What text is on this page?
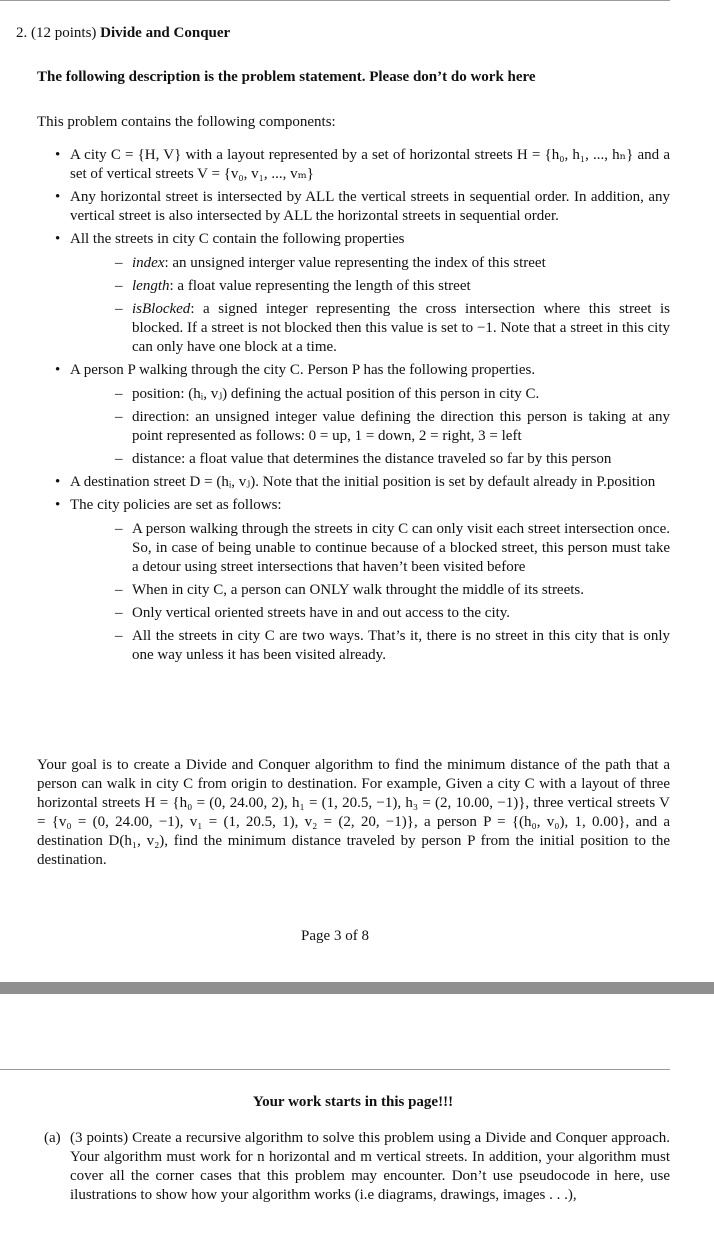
2. (12 points) Divide and Conquer
The following description is the problem statement. Please don’t do work here
This problem contains the following components:
• A city C = {H, V} with a layout represented by a set of horizontal streets H = {h₀, h₁, ..., hₙ} and a set of vertical streets V = {v₀, v₁, ..., vₘ}
• Any horizontal street is intersected by ALL the vertical streets in sequential order. In addition, any vertical street is also intersected by ALL the horizontal streets in sequential order.
• All the streets in city C contain the following properties
– index: an unsigned interger value representing the index of this street
– length: a float value representing the length of this street
– isBlocked: a signed integer representing the cross intersection where this street is blocked. If a street is not blocked then this value is set to −1. Note that a street in this city can only have one block at a time.
• A person P walking through the city C. Person P has the following properties.
– position: (hᵢ, vⱼ) defining the actual position of this person in city C.
– direction: an unsigned integer value defining the direction this person is taking at any point represented as follows: 0 = up, 1 = down, 2 = right, 3 = left
– distance: a float value that determines the distance traveled so far by this person
• A destination street D = (hᵢ, vⱼ). Note that the initial position is set by default already in P.position
• The city policies are set as follows:
– A person walking through the streets in city C can only visit each street intersection once. So, in case of being unable to continue because of a blocked street, this person must take a detour using street intersections that haven’t been visited before
– When in city C, a person can ONLY walk throught the middle of its streets.
– Only vertical oriented streets have in and out access to the city.
– All the streets in city C are two ways. That’s it, there is no street in this city that is only one way unless it has been visited already.
Your goal is to create a Divide and Conquer algorithm to find the minimum distance of the path that a person can walk in city C from origin to destination. For example, Given a city C with a layout of three horizontal streets H = {h₀ = (0, 24.00, 2), h₁ = (1, 20.5, −1), h₃ = (2, 10.00, −1)}, three vertical streets V = {v₀ = (0, 24.00, −1), v₁ = (1, 20.5, 1), v₂ = (2, 20, −1)}, a person P = {(h₀, v₀), 1, 0.00}, and a destination D(h₁, v₂), find the minimum distance traveled by person P from the initial position to the destination.
Page 3 of 8
Your work starts in this page!!!
(a) (3 points) Create a recursive algorithm to solve this problem using a Divide and Conquer approach. Your algorithm must work for n horizontal and m vertical streets. In addition, your algorithm must cover all the corner cases that this problem may encounter. Don’t use pseudocode in here, use ilustrations to show how your algorithm works (i.e diagrams, drawings, images . . .),
